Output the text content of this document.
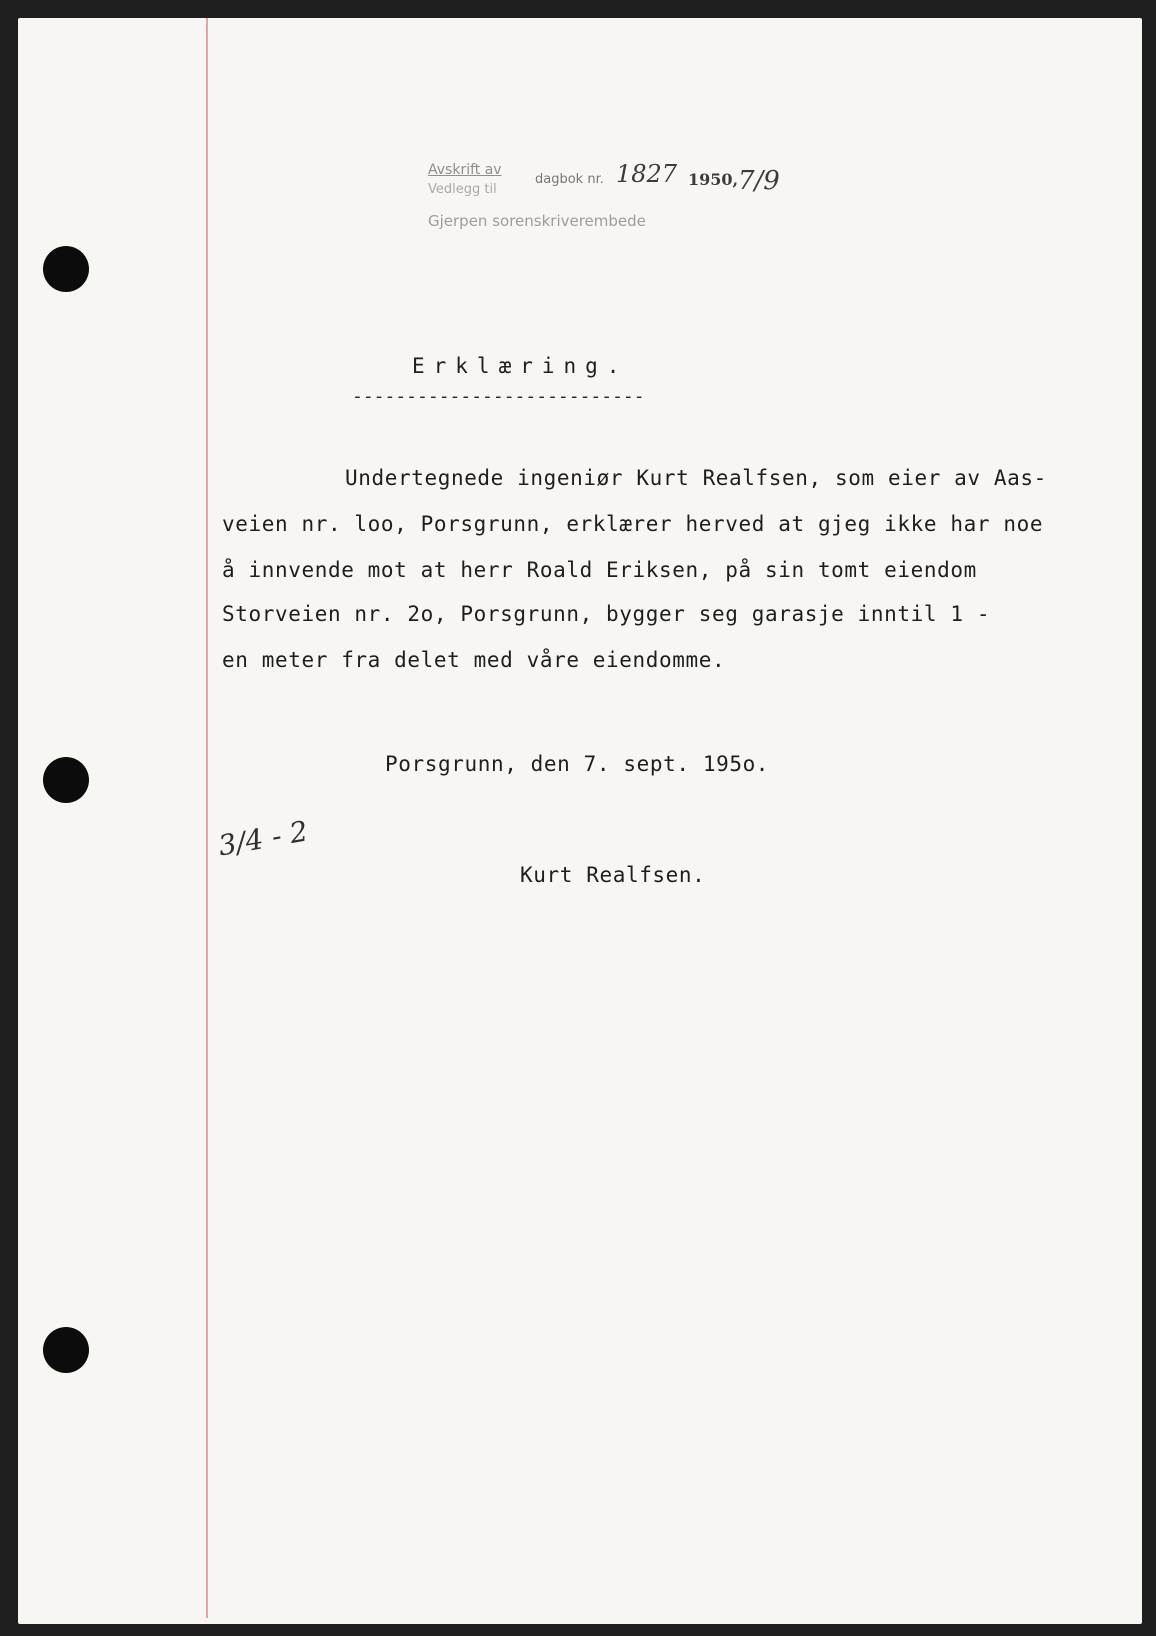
Avskrift av
Vedlegg til
dagbok nr.
Gjerpen sorenskriverembede
1827 1950, 7/9
3/4 - 2
Erklæring.
---------------------------
Undertegnede ingeniør Kurt Realfsen, som eier av Aas-
veien nr. loo, Porsgrunn, erklærer herved at gjeg ikke har noe
å innvende mot at herr Roald Eriksen, på sin tomt eiendom
Storveien nr. 2o, Porsgrunn, bygger seg garasje inntil 1 -
en meter fra delet med våre eiendomme.
Porsgrunn, den 7. sept. 195o.
Kurt Realfsen.
